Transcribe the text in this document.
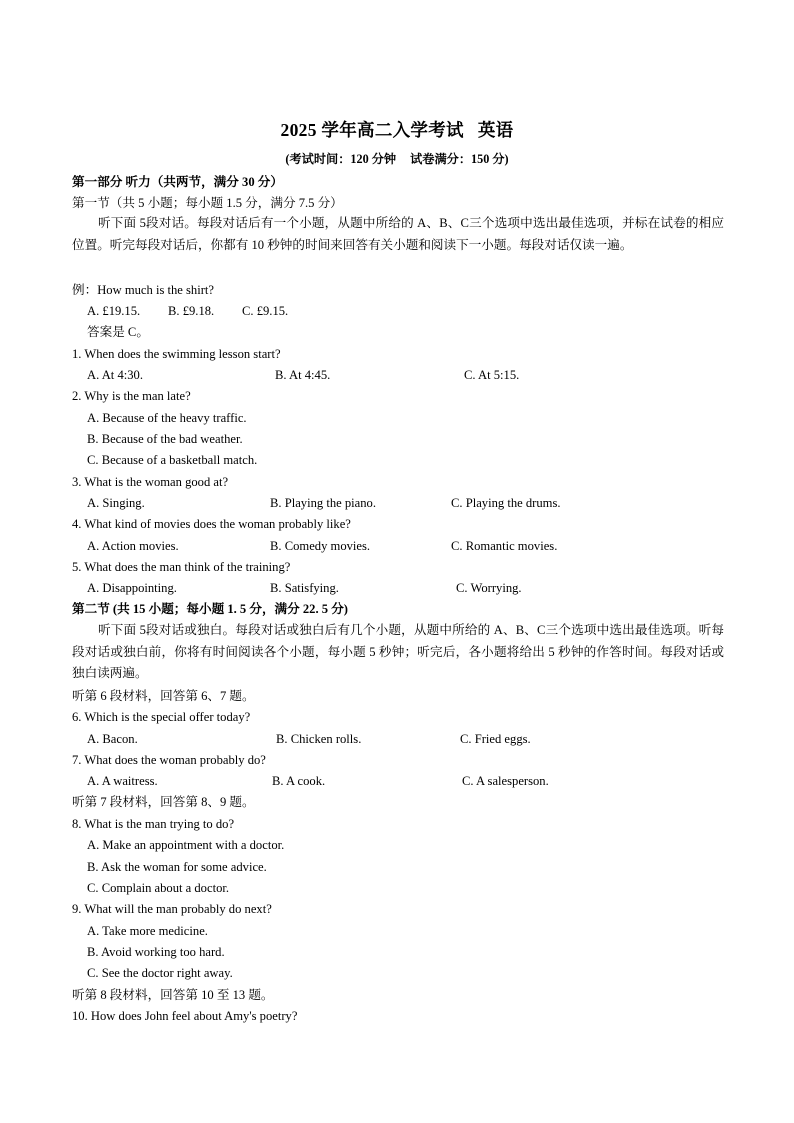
2025 学年高二入学考试 英语
(考试时间：120 分钟 试卷满分：150 分)
第一部分 听力（共两节，满分 30 分）
第一节（共 5 小题；每小题 1.5 分，满分 7.5 分）
听下面 5段对话。每段对话后有一个小题，从题中所给的 A、B、C三个选项中选出最佳选项，并标在试卷的相应位置。听完每段对话后，你都有 10 秒钟的时间来回答有关小题和阅读下一小题。每段对话仅读一遍。
例：How much is the shirt?
A. £19.15. B. £9.18. C. £9.15.
答案是 C。
1. When does the swimming lesson start?
A. At 4:30.	B. At 4:45.	C. At 5:15.
2. Why is the man late?
A. Because of the heavy traffic.
B. Because of the bad weather.
C. Because of a basketball match.
3. What is the woman good at?
A. Singing.	B. Playing the piano.	C. Playing the drums.
4. What kind of movies does the woman probably like?
A. Action movies.	B. Comedy movies.	C. Romantic movies.
5. What does the man think of the training?
A. Disappointing.	B. Satisfying.	C. Worrying.
第二节 (共 15 小题；每小题 1. 5 分，满分 22. 5 分)
听下面 5段对话或独白。每段对话或独白后有几个小题，从题中所给的 A、B、C三个选项中选出最佳选项。听每段对话或独白前，你将有时间阅读各个小题，每小题 5 秒钟；听完后，各小题将给出 5 秒钟的作答时间。每段对话或独白读两遍。
听第 6 段材料，回答第 6、7 题。
6. Which is the special offer today?
A. Bacon.	B. Chicken rolls.	C. Fried eggs.
7. What does the woman probably do?
A. A waitress.	B. A cook.	C. A salesperson.
听第 7 段材料，回答第 8、9 题。
8. What is the man trying to do?
A. Make an appointment with a doctor.
B. Ask the woman for some advice.
C. Complain about a doctor.
9. What will the man probably do next?
A. Take more medicine.
B. Avoid working too hard.
C. See the doctor right away.
听第 8 段材料，回答第 10 至 13 题。
10. How does John feel about Amy's poetry?
